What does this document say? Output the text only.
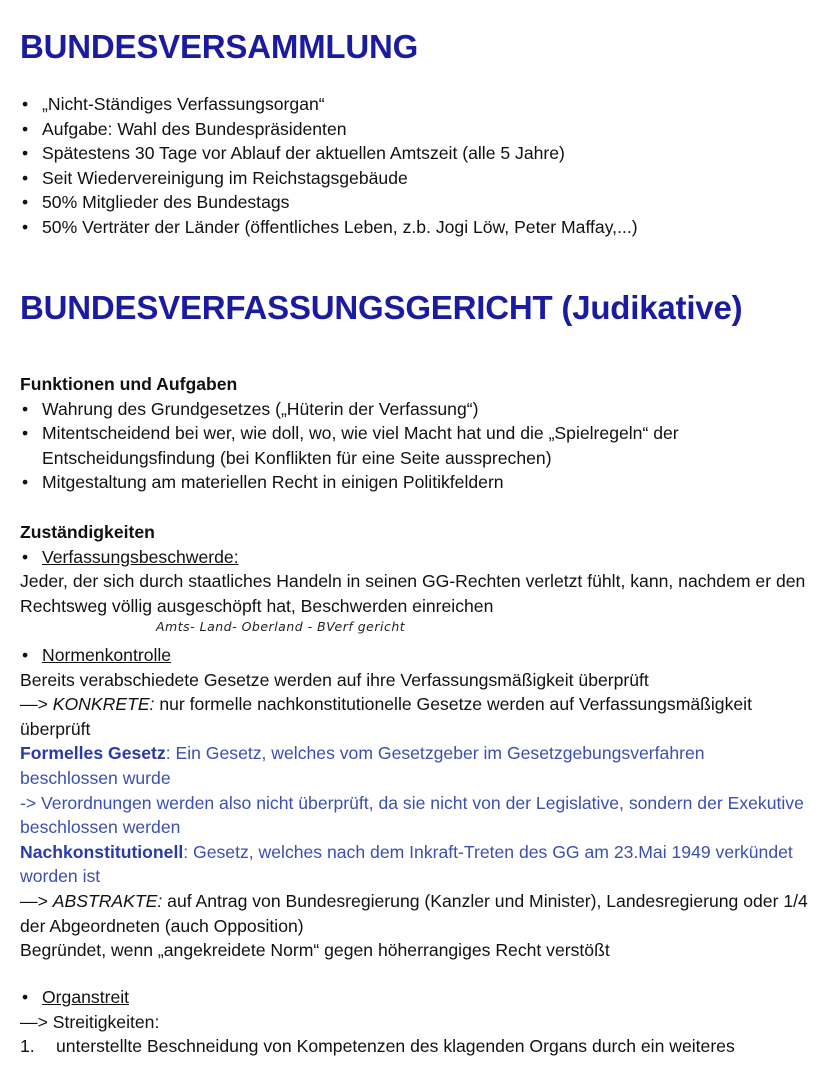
BUNDESVERSAMMLUNG
• „Nicht-Ständiges Verfassungsorgan“
• Aufgabe: Wahl des Bundespräsidenten
• Spätestens 30 Tage vor Ablauf der aktuellen Amtszeit (alle 5 Jahre)
• Seit Wiedervereinigung im Reichstagsgebäude
• 50% Mitglieder des Bundestags
• 50% Verträter der Länder (öffentliches Leben, z.b. Jogi Löw, Peter Maffay,...)
BUNDESVERFASSUNGSGERICHT (Judikative)
Funktionen und Aufgaben
• Wahrung des Grundgesetzes („Hüterin der Verfassung“)
• Mitentscheidend bei wer, wie doll, wo, wie viel Macht hat und die „Spielregeln“ der Entscheidungsfindung (bei Konflikten für eine Seite aussprechen)
• Mitgestaltung am materiellen Recht in einigen Politikfeldern
Zuständigkeiten
• Verfassungsbeschwerde:
Jeder, der sich durch staatliches Handeln in seinen GG-Rechten verletzt fühlt, kann, nachdem er den Rechtsweg völlig ausgeschöpft hat, Beschwerden einreichen
Amts- Land- Oberland - BVerf gericht
• Normenkontrolle
Bereits verabschiedete Gesetze werden auf ihre Verfassungsmäßigkeit überprüft
—> KONKRETE: nur formelle nachkonstitutionelle Gesetze werden auf Verfassungsmäßigkeit überprüft
Formelles Gesetz: Ein Gesetz, welches vom Gesetzgeber im Gesetzgebungsverfahren beschlossen wurde
-> Verordnungen werden also nicht überprüft, da sie nicht von der Legislative, sondern der Exekutive beschlossen werden
Nachkonstitutionell: Gesetz, welches nach dem Inkraft-Treten des GG am 23.Mai 1949 verkündet worden ist
—> ABSTRAKTE: auf Antrag von Bundesregierung (Kanzler und Minister), Landesregierung oder 1/4 der Abgeordneten (auch Opposition)
Begründet, wenn „angekreidete Norm“ gegen höherrangiges Recht verstößt
• Organstreit
—> Streitigkeiten:
1. unterstellte Beschneidung von Kompetenzen des klagenden Organs durch ein weiteres
